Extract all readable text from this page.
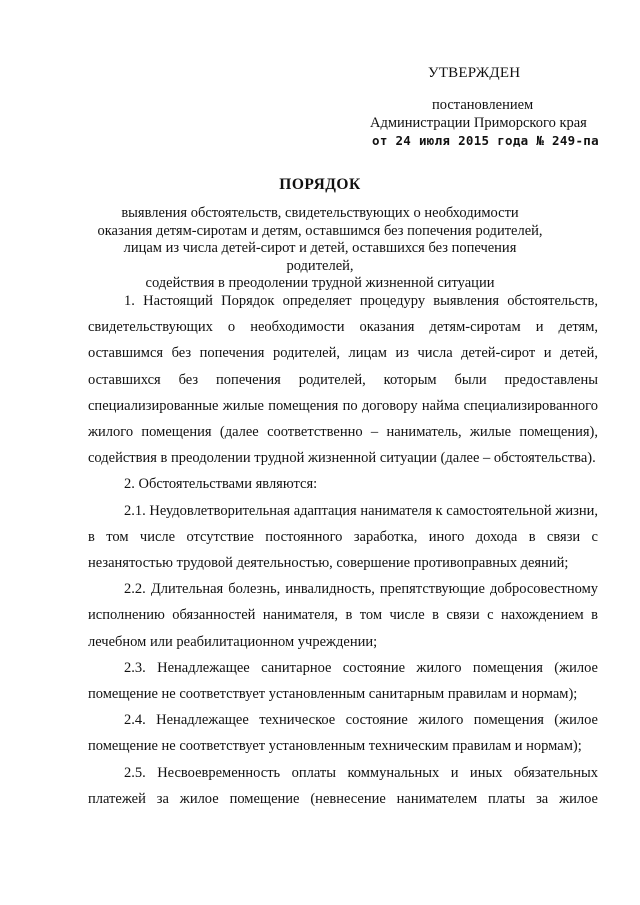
УТВЕРЖДЕН
постановлением
Администрации Приморского края
от 24 июля 2015 года № 249-па
ПОРЯДОК
выявления обстоятельств, свидетельствующих о необходимости
оказания детям-сиротам и детям, оставшимся без попечения родителей,
лицам из числа детей-сирот и детей, оставшихся без попечения родителей,
содействия в преодолении трудной жизненной ситуации

1. Настоящий Порядок определяет процедуру выявления обстоятельств, свидетельствующих о необходимости оказания детям-сиротам и детям, оставшимся без попечения родителей, лицам из числа детей-сирот и детей, оставшихся без попечения родителей, которым были предоставлены специализированные жилые помещения по договору найма специализированного жилого помещения (далее соответственно – наниматель, жилые помещения), содействия в преодолении трудной жизненной ситуации (далее – обстоятельства).

2. Обстоятельствами являются:

2.1. Неудовлетворительная адаптация нанимателя к самостоятельной жизни, в том числе отсутствие постоянного заработка, иного дохода в связи с незанятостью трудовой деятельностью, совершение противоправных деяний;

2.2. Длительная болезнь, инвалидность, препятствующие добросовестному исполнению обязанностей нанимателя, в том числе в связи с нахождением в лечебном или реабилитационном учреждении;

2.3. Ненадлежащее санитарное состояние жилого помещения (жилое помещение не соответствует установленным санитарным правилам и нормам);

2.4. Ненадлежащее техническое состояние жилого помещения (жилое помещение не соответствует установленным техническим правилам и нормам);

2.5. Несвоевременность оплаты коммунальных и иных обязательных платежей за жилое помещение (невнесение нанимателем платы за жилое
